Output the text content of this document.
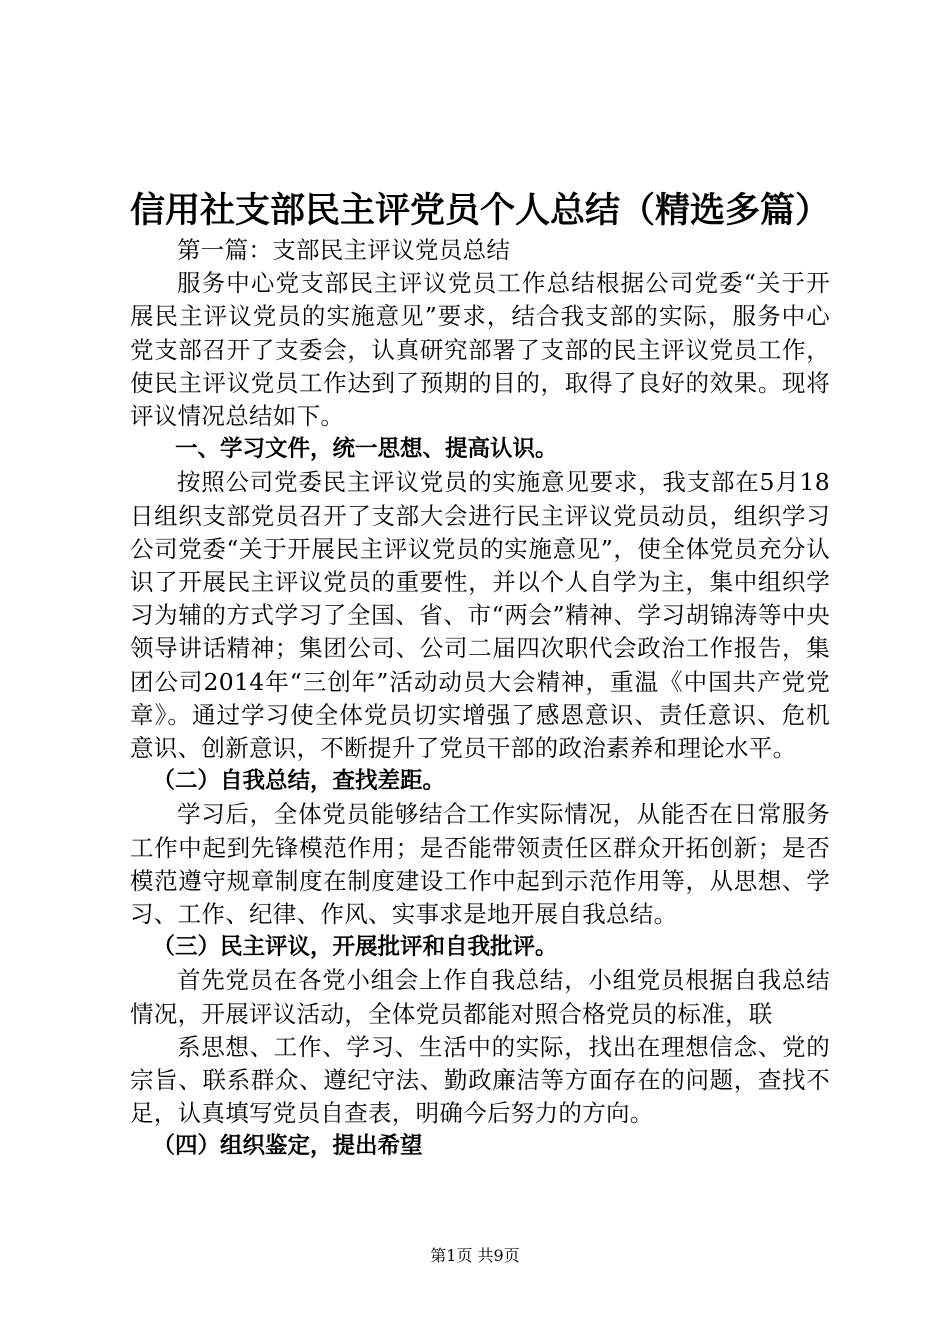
信用社支部民主评党员个人总结（精选多篇）

第一篇：支部民主评议党员总结

服务中心党支部民主评议党员工作总结根据公司党委“关于开展民主评议党员的实施意见”要求，结合我支部的实际，服务中心党支部召开了支委会，认真研究部署了支部的民主评议党员工作，使民主评议党员工作达到了预期的目的，取得了良好的效果。现将评议情况总结如下。

一、学习文件，统一思想、提高认识。

按照公司党委民主评议党员的实施意见要求，我支部在5月18日组织支部党员召开了支部大会进行民主评议党员动员，组织学习公司党委“关于开展民主评议党员的实施意见”，使全体党员充分认识了开展民主评议党员的重要性，并以个人自学为主，集中组织学习为辅的方式学习了全国、省、市“两会”精神、学习胡锦涛等中央领导讲话精神；集团公司、公司二届四次职代会政治工作报告，集团公司2014年“三创年”活动动员大会精神，重温《中国共产党党章》。通过学习使全体党员切实增强了感恩意识、责任意识、危机意识、创新意识，不断提升了党员干部的政治素养和理论水平。

（二）自我总结，查找差距。

学习后，全体党员能够结合工作实际情况，从能否在日常服务工作中起到先锋模范作用；是否能带领责任区群众开拓创新；是否模范遵守规章制度在制度建设工作中起到示范作用等，从思想、学习、工作、纪律、作风、实事求是地开展自我总结。

（三）民主评议，开展批评和自我批评。

首先党员在各党小组会上作自我总结，小组党员根据自我总结情况，开展评议活动，全体党员都能对照合格党员的标准，联

系思想、工作、学习、生活中的实际，找出在理想信念、党的宗旨、联系群众、遵纪守法、勤政廉洁等方面存在的问题，查找不足，认真填写党员自查表，明确今后努力的方向。

（四）组织鉴定，提出希望
第1页 共9页
